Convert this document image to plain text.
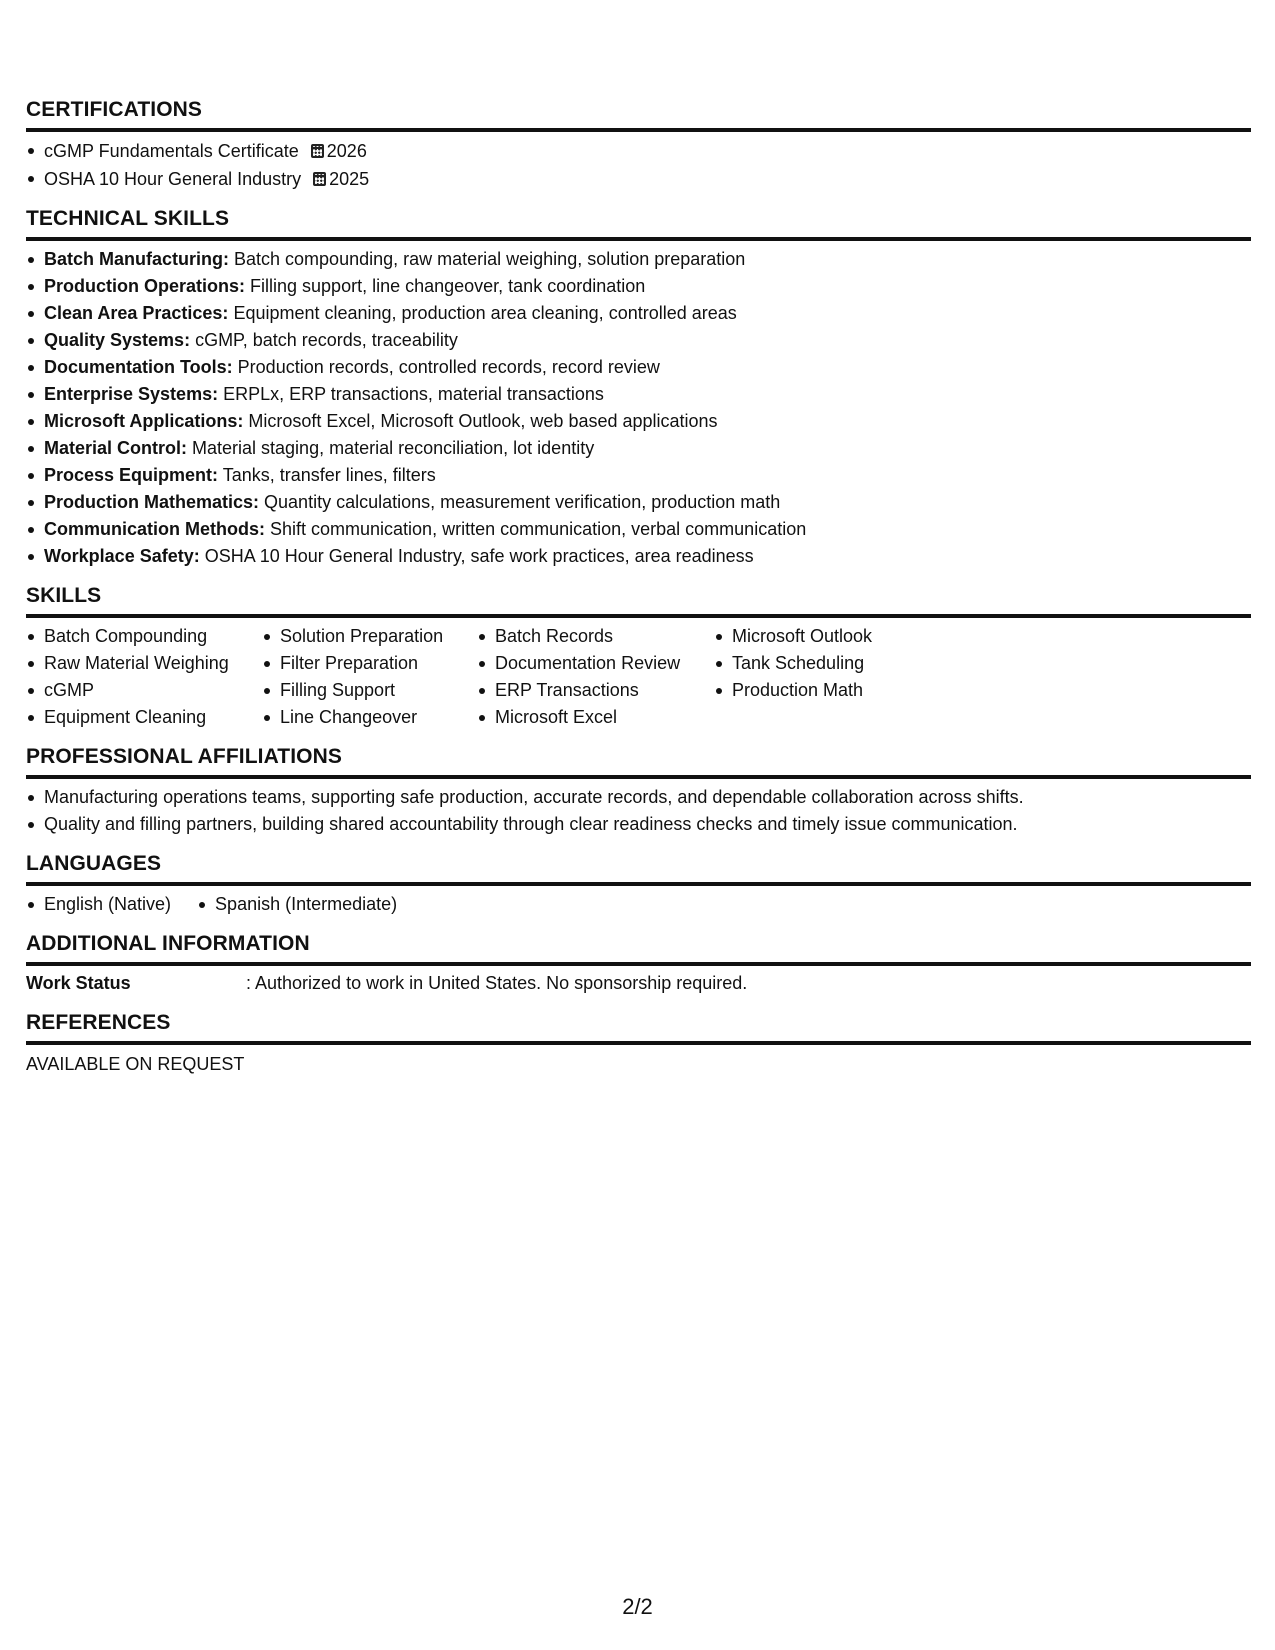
CERTIFICATIONS
cGMP Fundamentals Certificate 2026
OSHA 10 Hour General Industry 2025
TECHNICAL SKILLS
Batch Manufacturing: Batch compounding, raw material weighing, solution preparation
Production Operations: Filling support, line changeover, tank coordination
Clean Area Practices: Equipment cleaning, production area cleaning, controlled areas
Quality Systems: cGMP, batch records, traceability
Documentation Tools: Production records, controlled records, record review
Enterprise Systems: ERPLx, ERP transactions, material transactions
Microsoft Applications: Microsoft Excel, Microsoft Outlook, web based applications
Material Control: Material staging, material reconciliation, lot identity
Process Equipment: Tanks, transfer lines, filters
Production Mathematics: Quantity calculations, measurement verification, production math
Communication Methods: Shift communication, written communication, verbal communication
Workplace Safety: OSHA 10 Hour General Industry, safe work practices, area readiness
SKILLS
Batch Compounding
Raw Material Weighing
cGMP
Equipment Cleaning
Solution Preparation
Filter Preparation
Filling Support
Line Changeover
Batch Records
Documentation Review
ERP Transactions
Microsoft Excel
Microsoft Outlook
Tank Scheduling
Production Math
PROFESSIONAL AFFILIATIONS
Manufacturing operations teams, supporting safe production, accurate records, and dependable collaboration across shifts.
Quality and filling partners, building shared accountability through clear readiness checks and timely issue communication.
LANGUAGES
English (Native) Spanish (Intermediate)
ADDITIONAL INFORMATION
Work Status	: Authorized to work in United States. No sponsorship required.
REFERENCES
AVAILABLE ON REQUEST
2/2
